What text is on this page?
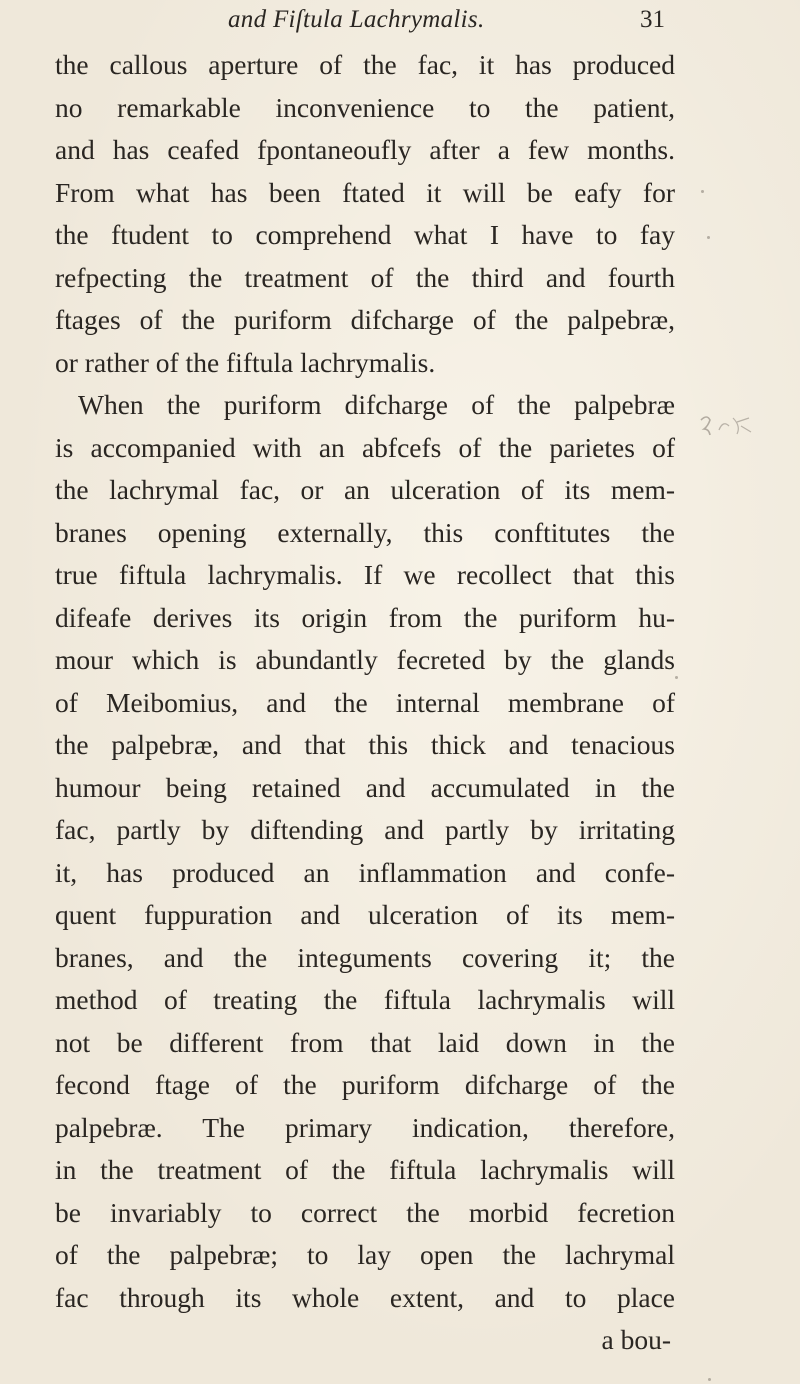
and Fiſtula Lachrymalis.	31
the callous aperture of the fac, it has produced
no remarkable inconvenience to the patient,
and has ceafed fpontaneoufly after a few months.
From what has been ftated it will be eafy for
the ftudent to comprehend what I have to fay
refpecting the treatment of the third and fourth
ftages of the puriform difcharge of the palpebræ,
or rather of the fiftula lachrymalis.
When the puriform difcharge of the palpebræ
is accompanied with an abfcefs of the parietes of
the lachrymal fac, or an ulceration of its mem-
branes opening externally, this conftitutes the
true fiftula lachrymalis. If we recollect that this
difeafe derives its origin from the puriform hu-
mour which is abundantly fecreted by the glands
of Meibomius, and the internal membrane of
the palpebræ, and that this thick and tenacious
humour being retained and accumulated in the
fac, partly by diftending and partly by irritating
it, has produced an inflammation and confe-
quent fuppuration and ulceration of its mem-
branes, and the integuments covering it; the
method of treating the fiftula lachrymalis will
not be different from that laid down in the
fecond ftage of the puriform difcharge of the
palpebræ. The primary indication, therefore,
in the treatment of the fiftula lachrymalis will
be invariably to correct the morbid fecretion
of the palpebræ; to lay open the lachrymal
fac through its whole extent, and to place
a bou-
